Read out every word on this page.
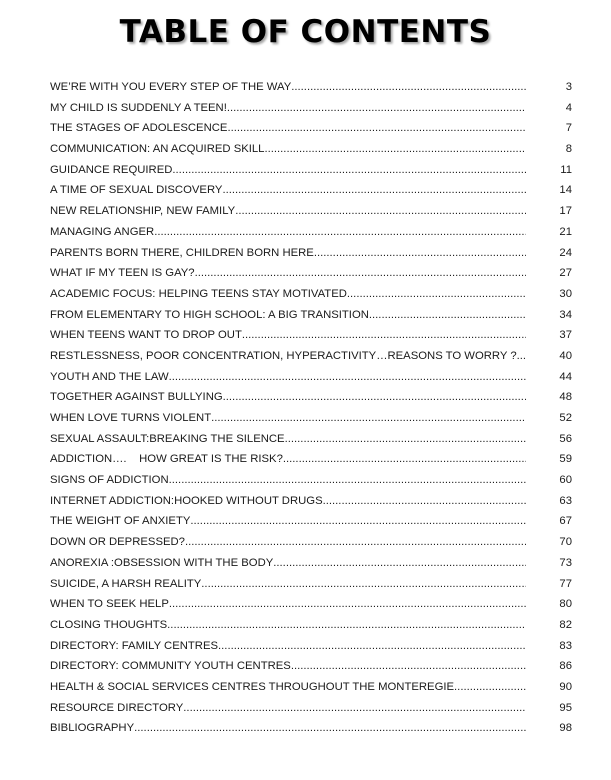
TABLE OF CONTENTS
WE’RE WITH YOU EVERY STEP OF THE WAY .....	3
MY CHILD IS SUDDENLY A TEEN! .....	4
THE STAGES OF ADOLESCENCE .....	7
COMMUNICATION: AN ACQUIRED SKILL .....	8
GUIDANCE REQUIRED .....	11
A TIME OF SEXUAL DISCOVERY .....	14
NEW RELATIONSHIP, NEW FAMILY .....	17
MANAGING ANGER .....	21
PARENTS BORN THERE, CHILDREN BORN HERE .....	24
WHAT IF MY TEEN IS GAY? .....	27
ACADEMIC FOCUS: HELPING TEENS STAY MOTIVATED .....	30
FROM ELEMENTARY TO HIGH SCHOOL: A BIG TRANSITION .....	34
WHEN TEENS WANT TO DROP OUT .....	37
RESTLESSNESS, POOR CONCENTRATION, HYPERACTIVITY…REASONS TO WORRY ? .....	40
YOUTH AND THE LAW .....	44
TOGETHER AGAINST BULLYING .....	48
WHEN LOVE TURNS VIOLENT .....	52
SEXUAL ASSAULT:BREAKING THE SILENCE .....	56
ADDICTION….    HOW GREAT IS THE RISK? .....	59
SIGNS OF ADDICTION .....	60
INTERNET ADDICTION:HOOKED WITHOUT DRUGS .....	63
THE WEIGHT OF ANXIETY .....	67
DOWN OR DEPRESSED? .....	70
ANOREXIA :OBSESSION WITH THE BODY .....	73
SUICIDE, A HARSH REALITY .....	77
WHEN TO SEEK HELP .....	80
CLOSING THOUGHTS .....	82
DIRECTORY: FAMILY CENTRES .....	83
DIRECTORY: COMMUNITY YOUTH CENTRES .....	86
HEALTH & SOCIAL SERVICES CENTRES THROUGHOUT THE MONTEREGIE .....	90
RESOURCE DIRECTORY .....	95
BIBLIOGRAPHY .....	98
